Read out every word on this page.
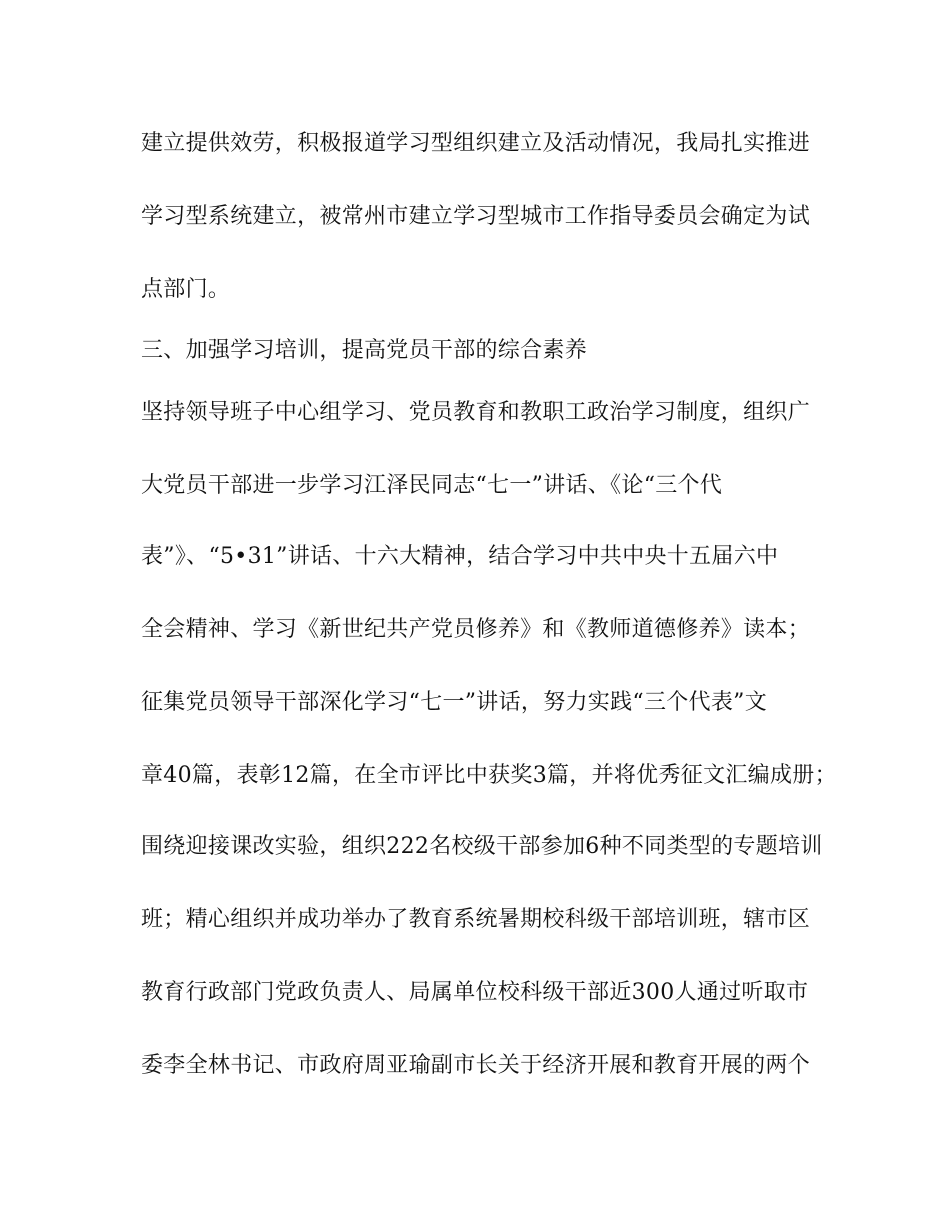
建立提供效劳，积极报道学习型组织建立及活动情况，我局扎实推进
学习型系统建立，被常州市建立学习型城市工作指导委员会确定为试
点部门。
三、加强学习培训，提高党员干部的综合素养
坚持领导班子中心组学习、党员教育和教职工政治学习制度，组织广
大党员干部进一步学习江泽民同志“七一”讲话、《论“三个代
表”》、“5•31”讲话、十六大精神，结合学习中共中央十五届六中
全会精神、学习《新世纪共产党员修养》和《教师道德修养》读本；
征集党员领导干部深化学习“七一”讲话，努力实践“三个代表”文
章40篇，表彰12篇，在全市评比中获奖3篇，并将优秀征文汇编成册；
围绕迎接课改实验，组织222名校级干部参加6种不同类型的专题培训
班；精心组织并成功举办了教育系统暑期校科级干部培训班，辖市区
教育行政部门党政负责人、局属单位校科级干部近300人通过听取市
委李全林书记、市政府周亚瑜副市长关于经济开展和教育开展的两个
